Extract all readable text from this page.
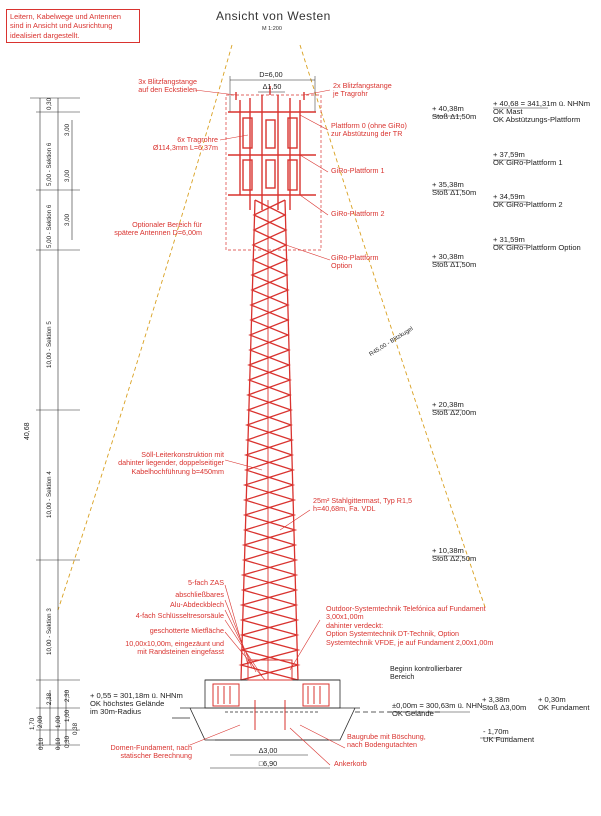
Leitern, Kabelwege und Antennen
sind in Ansicht und Ausrichtung
idealisiert dargestellt.
Ansicht von Westen
M 1:200
D=6,00
Δ1,50
3x Blitzfangstange
auf den Eckstielen
6x Tragrohre
Ø114,3mm L=6,37m
Optionaler Bereich für
spätere Antennen D=6,00m
Söll-Leiterkonstruktion mit
dahinter liegender, doppelseitiger
Kabelhochführung b=450mm
5-fach ZAS
abschließbares
Alu-Abdeckblech
4-fach Schlüsseltresorsäule
geschotterte Mietfläche
10,00x10,00m, eingezäunt und
mit Randsteinen eingefasst
Domen-Fundament, nach
statischer Berechnung
2x Blitzfangstange
je Tragrohr
Plattform 0 (ohne GiRo)
zur Abstützung der TR
GiRo-Plattform 1
GiRo-Plattform 2
GiRo-Plattform
Option
R45,00 - Blitzkugel
25m² Stahlgittermast, Typ R1,5
h=40,68m, Fa. VDL
Outdoor-Systemtechnik Telefónica auf Fundament
3,00x1,00m
dahinter verdeckt:
Option Systemtechnik DT-Technik, Option
Systemtechnik VFDE, je auf Fundament 2,00x1,00m
Beginn kontrollierbarer
Bereich
Baugrube mit Böschung,
nach Bodengutachten
Ankerkorb
+ 40,38m
Stoß Δ1,50m
+ 35,38m
Stoß Δ1,50m
+ 30,38m
Stoß Δ1,50m
+ 20,38m
Stoß Δ2,00m
+ 10,38m
Stoß Δ2,50m
+ 3,38m
Stoß Δ3,00m
+ 40,68 = 341,31m ü. NHNm
OK Mast
OK Abstützungs-Plattform
+ 37,59m
OK GiRo-Plattform 1
+ 34,59m
OK GiRo-Plattform 2
+ 31,59m
OK GiRo-Plattform Option
+ 0,30m
OK Fundament
- 1,70m
UK Fundament
±0,00m = 300,63m ü. NHN
OK Gelände
+ 0,55 = 301,18m ü. NHNm
OK höchstes Gelände
im 30m-Radius
Δ3,00
□6,90
40,68
0,30
5,00 - Sektion 6
5,00 - Sektion 6
10,00 - Sektion 5
10,00 - Sektion 4
10,00 - Sektion 3
2,38
1,00
0,10 0,10
3,00
3,00
3,00
2,30
1,00
0,30
1,70 2,00
0,38
